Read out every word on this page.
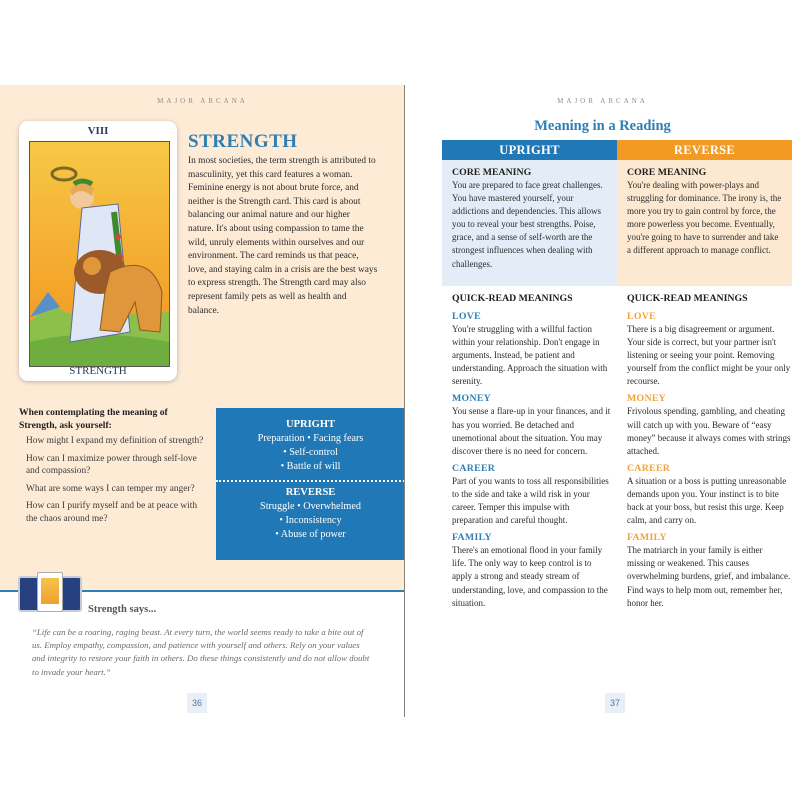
MAJOR ARCANA
VIII
STRENGTH
STRENGTH
In most societies, the term strength is attributed to masculinity, yet this card features a woman. Feminine energy is not about brute force, and neither is the Strength card. This card is about balancing our animal nature and our higher nature. It's about using compassion to tame the wild, unruly elements within ourselves and our environment. The card reminds us that peace, love, and staying calm in a crisis are the best ways to express strength. The Strength card may also represent family pets as well as health and balance.
When contemplating the meaning of Strength, ask yourself:
How might I expand my definition of strength?
How can I maximize power through self-love and compassion?
What are some ways I can temper my anger?
How can I purify myself and be at peace with the chaos around me?
UPRIGHT
Preparation • Facing fears
• Self-control
• Battle of will
REVERSE
Struggle • Overwhelmed
• Inconsistency
• Abuse of power
Strength says...
“Life can be a roaring, raging beast. At every turn, the world seems ready to take a bite out of us. Employ empathy, compassion, and patience with yourself and others. Rely on your values and integrity to restore your faith in others. Do these things consistently and do not allow doubt to invade your heart.”
36
MAJOR ARCANA
Meaning in a Reading
UPRIGHT	REVERSE
CORE MEANING
You are prepared to face great challenges. You have mastered yourself, your addictions and dependencies. This allows you to reveal your best strengths. Poise, grace, and a sense of self-worth are the strongest influences when dealing with challenges.
CORE MEANING
You're dealing with power-plays and struggling for dominance. The irony is, the more you try to gain control by force, the more powerless you become. Eventually, you're going to have to surrender and take a different approach to manage conflict.
QUICK-READ MEANINGS
LOVE
You're struggling with a willful faction within your relationship. Don't engage in arguments. Instead, be patient and understanding. Approach the situation with serenity.
MONEY
You sense a flare-up in your finances, and it has you worried. Be detached and unemotional about the situation. You may discover there is no need for concern.
CAREER
Part of you wants to toss all responsibilities to the side and take a wild risk in your career. Temper this impulse with preparation and careful thought.
FAMILY
There's an emotional flood in your family life. The only way to keep control is to apply a strong and steady stream of understanding, love, and compassion to the situation.
QUICK-READ MEANINGS
LOVE
There is a big disagreement or argument. Your side is correct, but your partner isn't listening or seeing your point. Removing yourself from the conflict might be your only recourse.
MONEY
Frivolous spending, gambling, and cheating will catch up with you. Beware of “easy money” because it always comes with strings attached.
CAREER
A situation or a boss is putting unreasonable demands upon you. Your instinct is to bite back at your boss, but resist this urge. Keep calm, and carry on.
FAMILY
The matriarch in your family is either missing or weakened. This causes overwhelming burdens, grief, and imbalance. Find ways to help mom out, remember her, honor her.
37
